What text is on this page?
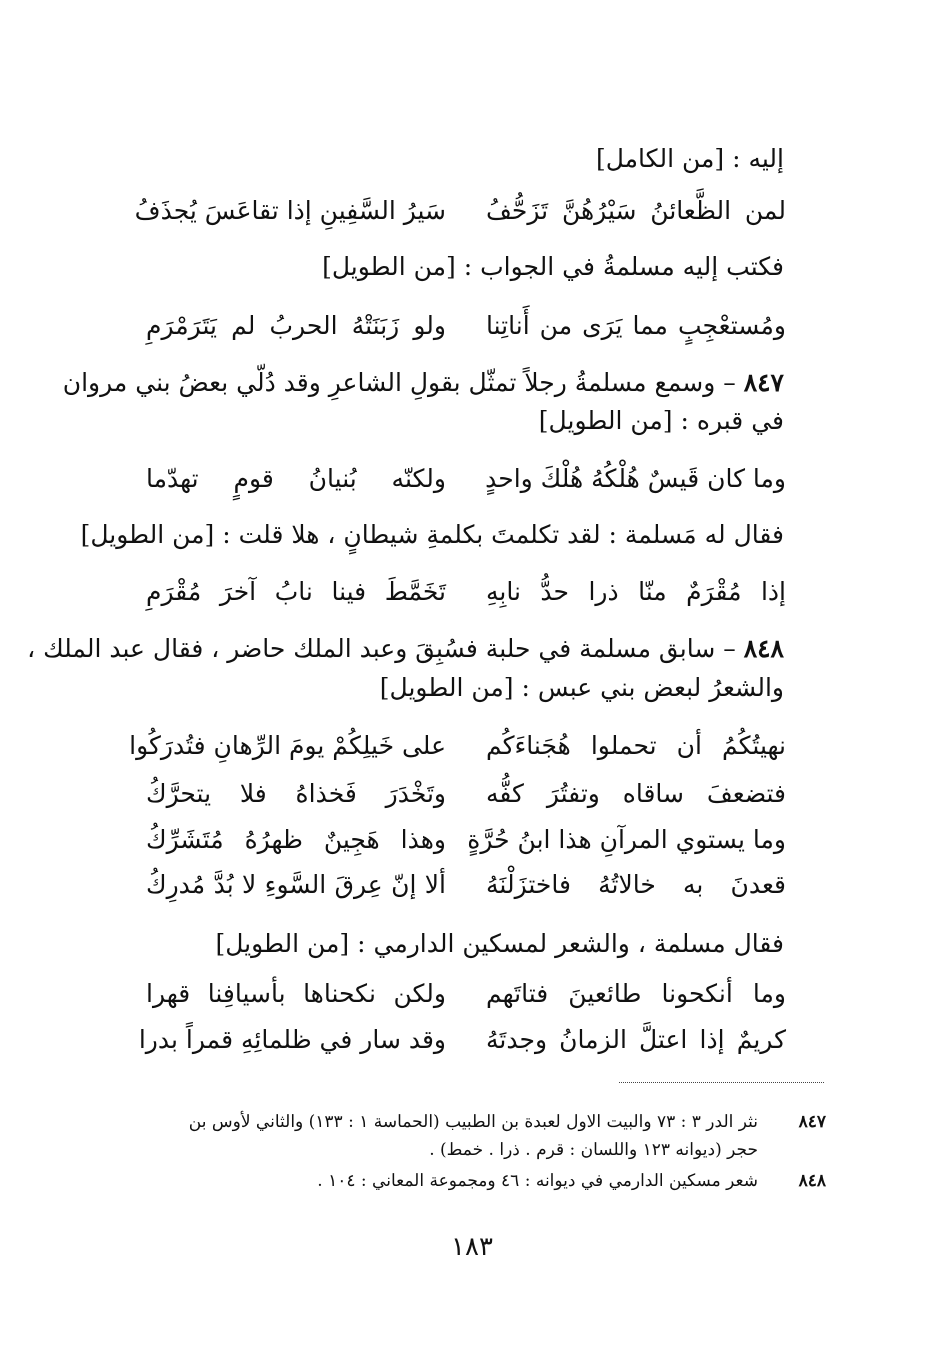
إليه : [من الكامل]
لمن الظَّعائنُ سَيْرُهُنَّ تَزَحُّفُ
سَيرُ السَّفِينِ إذا تقاعَسَ يُجذَفُ
فكتب إليه مسلمةُ في الجواب : [من الطويل]
ومُستعْجِبٍ مما يَرَى من أَناتِنا
ولو زَبَنَتْهُ الحربُ لم يَتَرَمْرَمِ
٨٤٧ – وسمع مسلمةُ رجلاً تمثّل بقولِ الشاعرِ وقد دُلّي بعضُ بني مروان
في قبره : [من الطويل]
وما كان قَيسٌ هُلْكُهُ هُلْكَ واحدٍ
ولكنّه بُنيانُ قومٍ تهدّما
فقال له مَسلمة : لقد تكلمتَ بكلمةِ شيطانٍ ، هلا قلت : [من الطويل]
إذا مُقْرَمٌ منّا ذرا حدُّ نابِهِ
تَخَمَّطَ فينا نابُ آخرَ مُقْرَمِ
٨٤٨ – سابق مسلمة في حلبة فسُبِقَ وعبد الملك حاضر ، فقال عبد الملك ،
والشعرُ لبعض بني عبس : [من الطويل]
نهيتُكُمُ أن تحملوا هُجَناءَكُم
على خَيلِكُمْ يومَ الرِّهانِ فتُدرَكُوا
فتضعفَ ساقاه وتفتُرَ كفُّه
وتَخْدَرَ فَخذاهُ فلا يتحرَّكُ
وما يستوي المرآنِ هذا ابنُ حُرَّةٍ
وهذا هَجِينٌ ظهرُهُ مُتَشَرِّكُ
قعدنَ به خالاتُهُ فاختزَلْنَهُ
ألا إنّ عِرقَ السَّوءِ لا بُدَّ مُدرِكُ
فقال مسلمة ، والشعر لمسكين الدارمي : [من الطويل]
وما أنكحونا طائعينَ فتاتَهم
ولكن نكحناها بأسيافِنا قهرا
كريمٌ إذا اعتلَّ الزمانُ وجدتَهُ
وقد سار في ظلمائِهِ قمراً بدرا
٨٤٧
نثر الدر ٣ : ٧٣ والبيت الاول لعبدة بن الطبيب (الحماسة ١ : ١٣٣) والثاني لأوس بن
حجر (ديوانه ١٢٣ واللسان : قرم . ذرا . خمط) .
٨٤٨
شعر مسكين الدارمي في ديوانه : ٤٦ ومجموعة المعاني : ١٠٤ .
١٨٣
